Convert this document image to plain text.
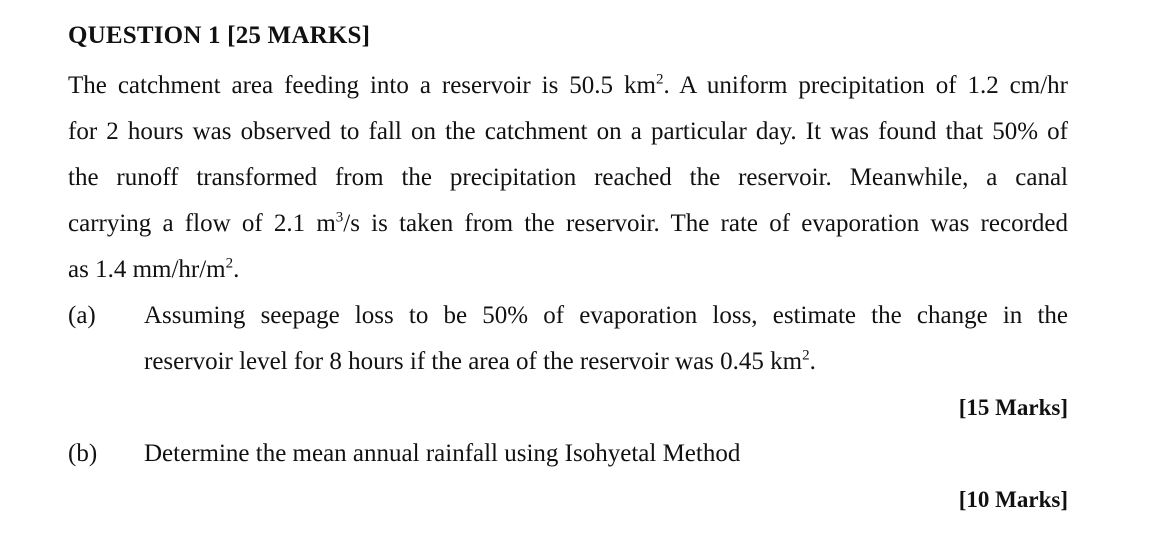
QUESTION 1 [25 MARKS]
The catchment area feeding into a reservoir is 50.5 $km^2$. A uniform precipitation of 1.2 cm/hr
for 2 hours was observed to fall on the catchment on a particular day. It was found that 50% of
the runoff transformed from the precipitation reached the reservoir. Meanwhile, a canal
carrying a flow of 2.1 $m^3/s$ is taken from the reservoir. The rate of evaporation was recorded
as 1.4 $mm/hr/m^2$.
(a) Assuming seepage loss to be 50% of evaporation loss, estimate the change in the
reservoir level for 8 hours if the area of the reservoir was 0.45 $km^2$.
[15 Marks]
(b) Determine the mean annual rainfall using Isohyetal Method
[10 Marks]
